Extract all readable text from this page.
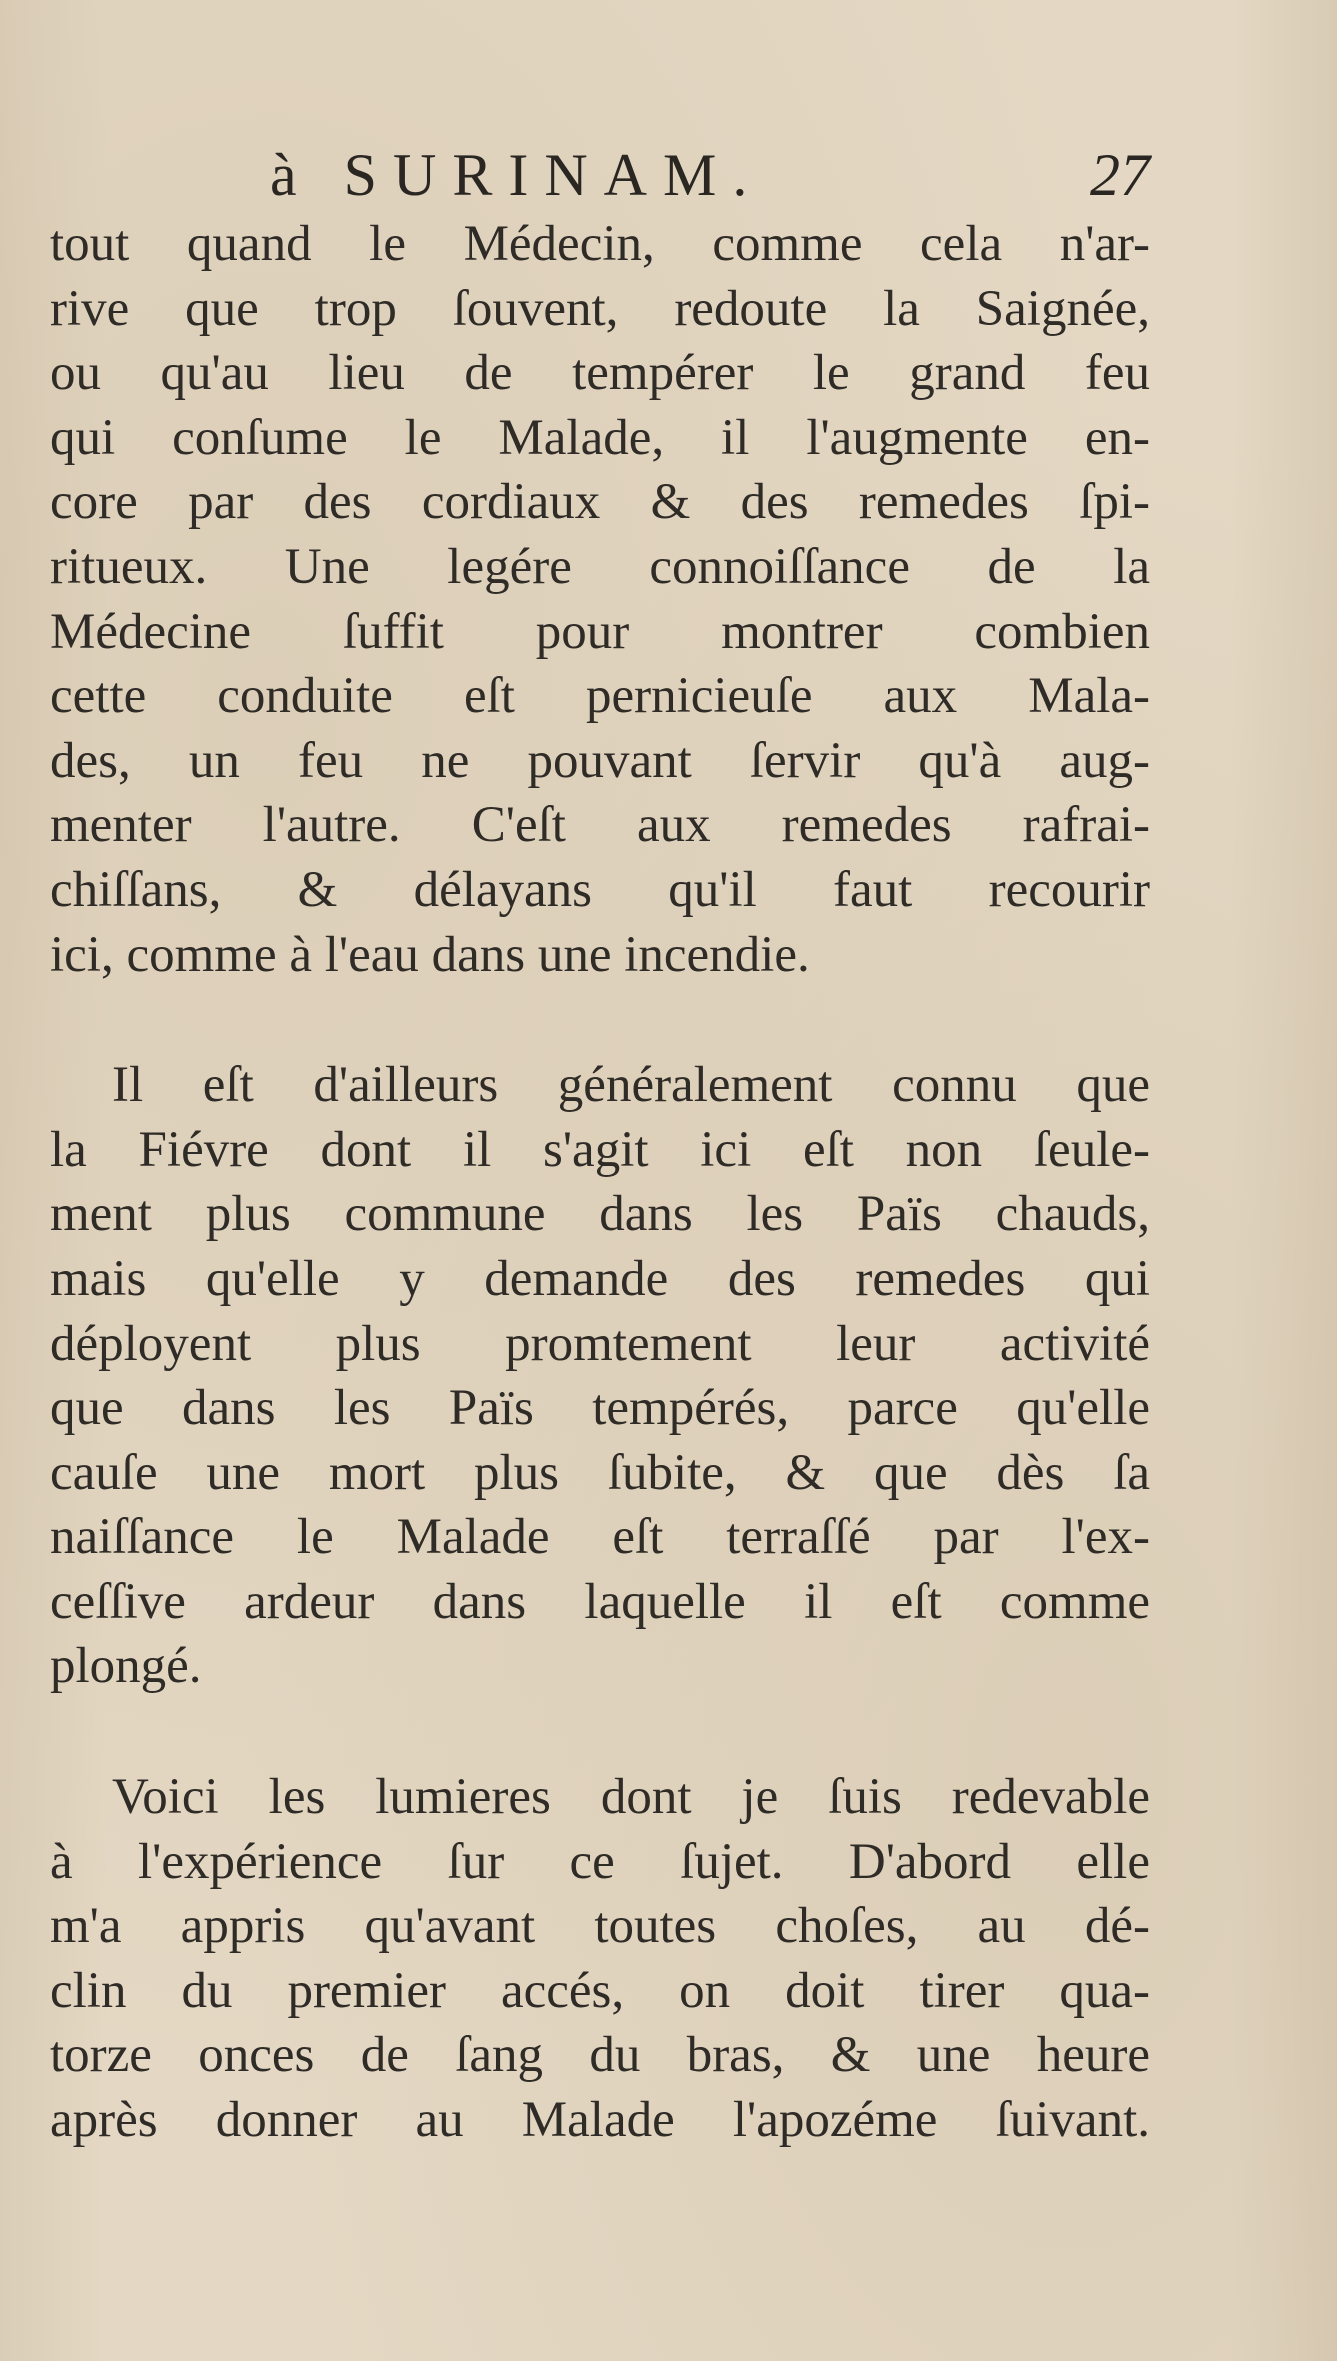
à SURINAM.	27
tout quand le Médecin, comme cela n'ar-
rive que trop ſouvent, redoute la Saignée,
ou qu'au lieu de tempérer le grand feu
qui conſume le Malade, il l'augmente en-
core par des cordiaux & des remedes ſpi-
ritueux. Une legére connoiſſance de la
Médecine ſuffit pour montrer combien
cette conduite eſt pernicieuſe aux Mala-
des, un feu ne pouvant ſervir qu'à aug-
menter l'autre. C'eſt aux remedes rafrai-
chiſſans, & délayans qu'il faut recourir
ici, comme à l'eau dans une incendie.
Il eſt d'ailleurs généralement connu que
la Fiévre dont il s'agit ici eſt non ſeule-
ment plus commune dans les Païs chauds,
mais qu'elle y demande des remedes qui
déployent plus promtement leur activité
que dans les Païs tempérés, parce qu'elle
cauſe une mort plus ſubite, & que dès ſa
naiſſance le Malade eſt terraſſé par l'ex-
ceſſive ardeur dans laquelle il eſt comme
plongé.
Voici les lumieres dont je ſuis redevable
à l'expérience ſur ce ſujet. D'abord elle
m'a appris qu'avant toutes choſes, au dé-
clin du premier accés, on doit tirer qua-
torze onces de ſang du bras, & une heure
après donner au Malade l'apozéme ſuivant.
